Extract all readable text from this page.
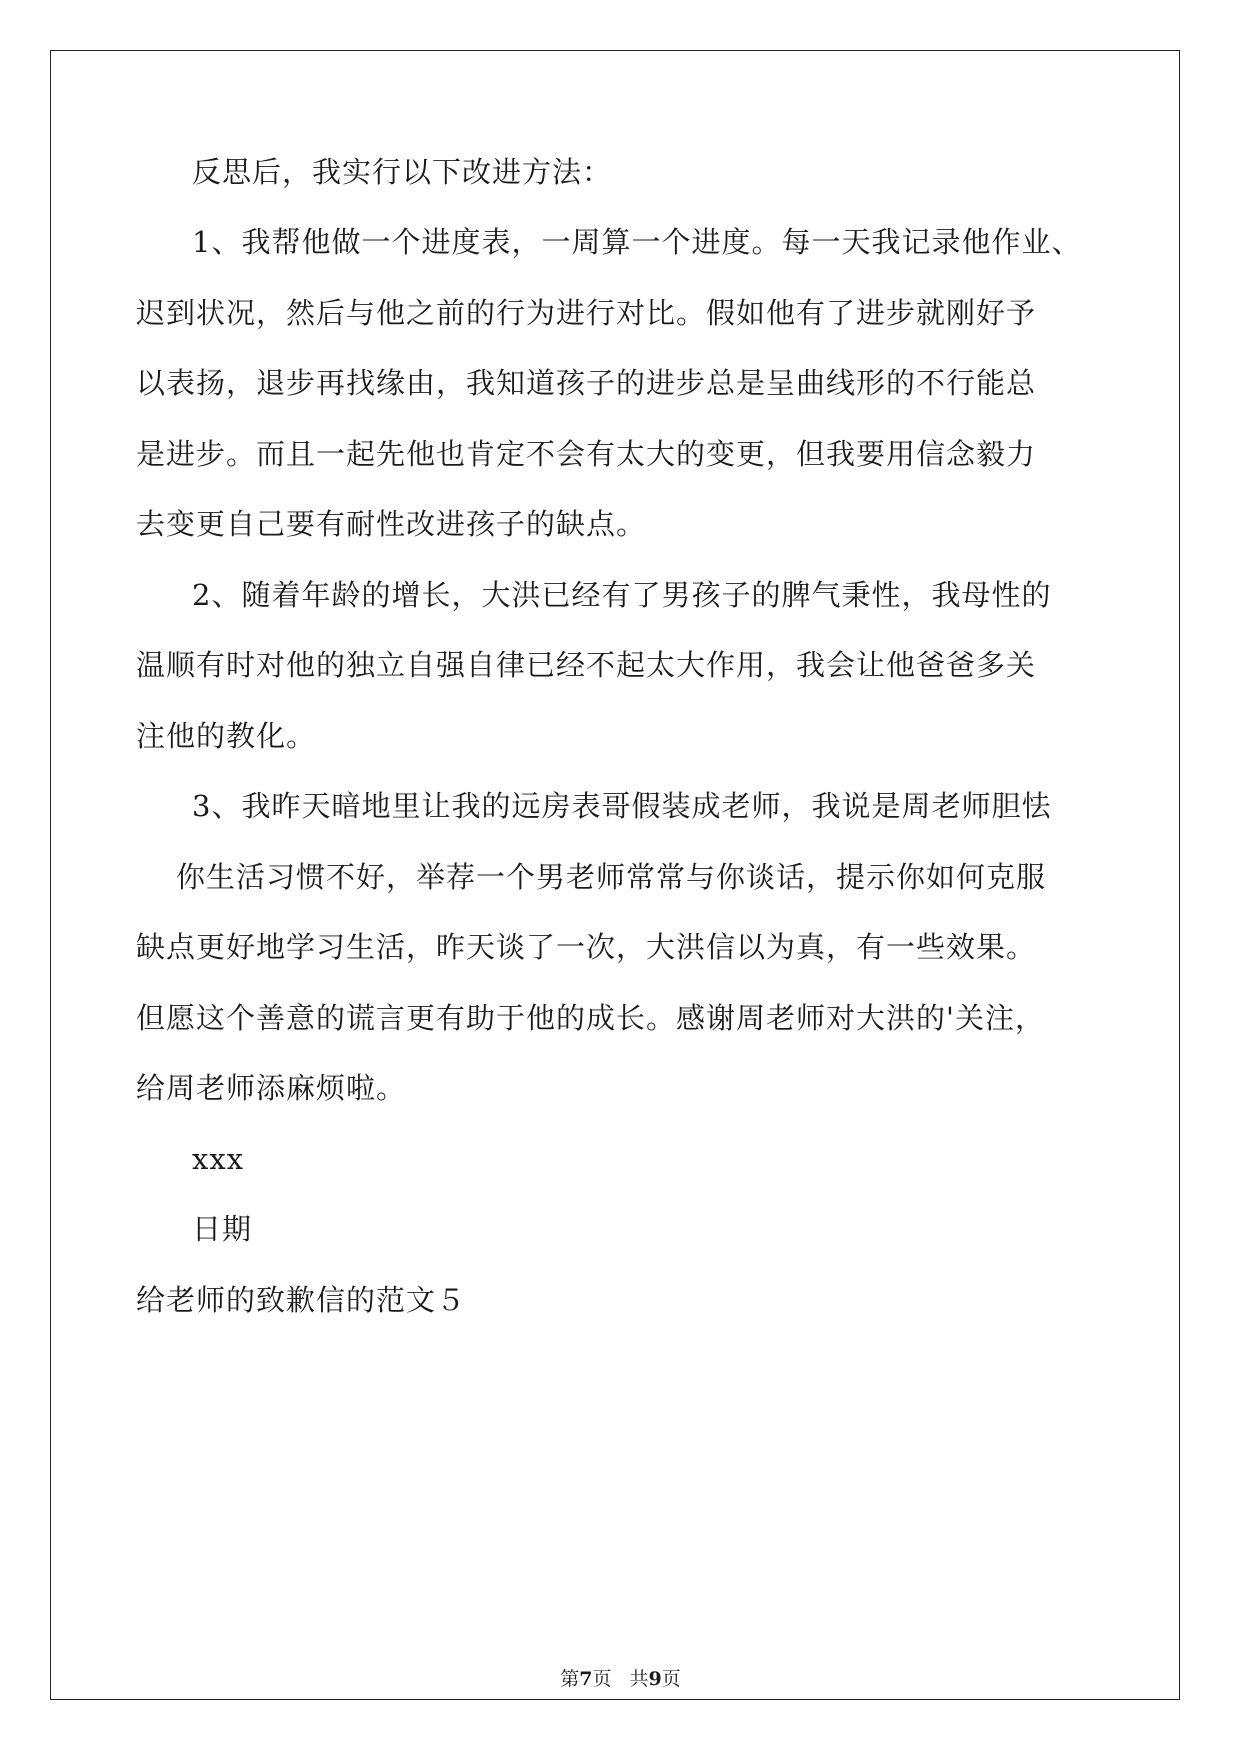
反思后，我实行以下改进方法：
1、我帮他做一个进度表，一周算一个进度。每一天我记录他作业、
迟到状况，然后与他之前的行为进行对比。假如他有了进步就刚好予
以表扬，退步再找缘由，我知道孩子的进步总是呈曲线形的不行能总
是进步。而且一起先他也肯定不会有太大的变更，但我要用信念毅力
去变更自己要有耐性改进孩子的缺点。
2、随着年龄的增长，大洪已经有了男孩子的脾气秉性，我母性的
温顺有时对他的独立自强自律已经不起太大作用，我会让他爸爸多关
注他的教化。
3、我昨天暗地里让我的远房表哥假装成老师，我说是周老师胆怯
你生活习惯不好，举荐一个男老师常常与你谈话，提示你如何克服
缺点更好地学习生活，昨天谈了一次，大洪信以为真，有一些效果。
但愿这个善意的谎言更有助于他的成长。感谢周老师对大洪的'关注，
给周老师添麻烦啦。
xxx
日期
给老师的致歉信的范文５
第7页 共9页
